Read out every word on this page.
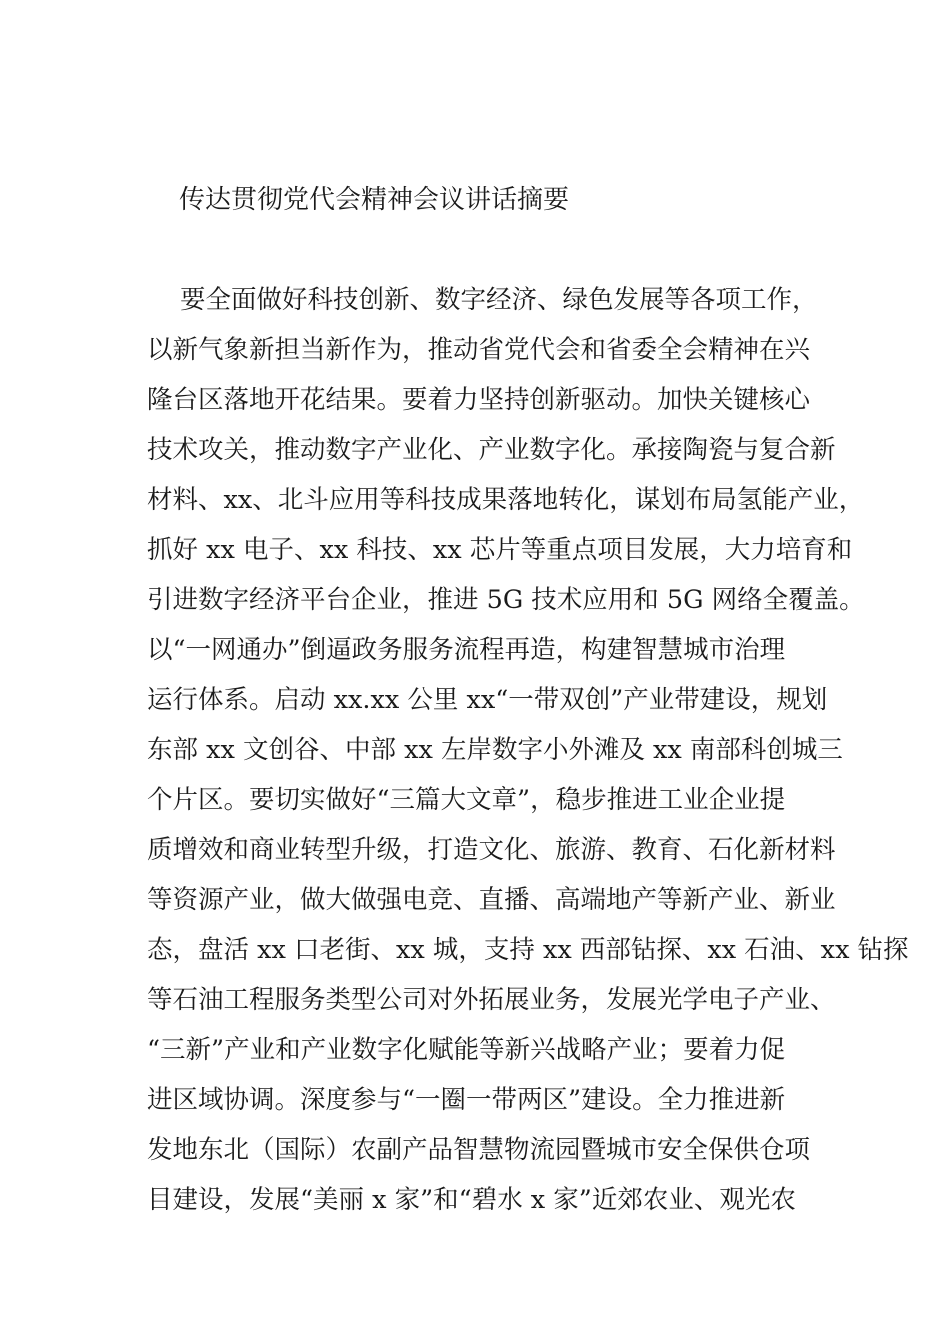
传达贯彻党代会精神会议讲话摘要
要全面做好科技创新、数字经济、绿色发展等各项工作，
以新气象新担当新作为，推动省党代会和省委全会精神在兴
隆台区落地开花结果。要着力坚持创新驱动。加快关键核心
技术攻关，推动数字产业化、产业数字化。承接陶瓷与复合新
材料、xx、北斗应用等科技成果落地转化，谋划布局氢能产业，
抓好 xx 电子、xx 科技、xx 芯片等重点项目发展，大力培育和
引进数字经济平台企业，推进 5G 技术应用和 5G 网络全覆盖。
以“一网通办”倒逼政务服务流程再造，构建智慧城市治理
运行体系。启动 xx.xx 公里 xx“一带双创”产业带建设，规划
东部 xx 文创谷、中部 xx 左岸数字小外滩及 xx 南部科创城三
个片区。要切实做好“三篇大文章”，稳步推进工业企业提
质增效和商业转型升级，打造文化、旅游、教育、石化新材料
等资源产业，做大做强电竞、直播、高端地产等新产业、新业
态，盘活 xx 口老街、xx 城，支持 xx 西部钻探、xx 石油、xx 钻探
等石油工程服务类型公司对外拓展业务，发展光学电子产业、
“三新”产业和产业数字化赋能等新兴战略产业；要着力促
进区域协调。深度参与“一圈一带两区”建设。全力推进新
发地东北（国际）农副产品智慧物流园暨城市安全保供仓项
目建设，发展“美丽 x 家”和“碧水 x 家”近郊农业、观光农
